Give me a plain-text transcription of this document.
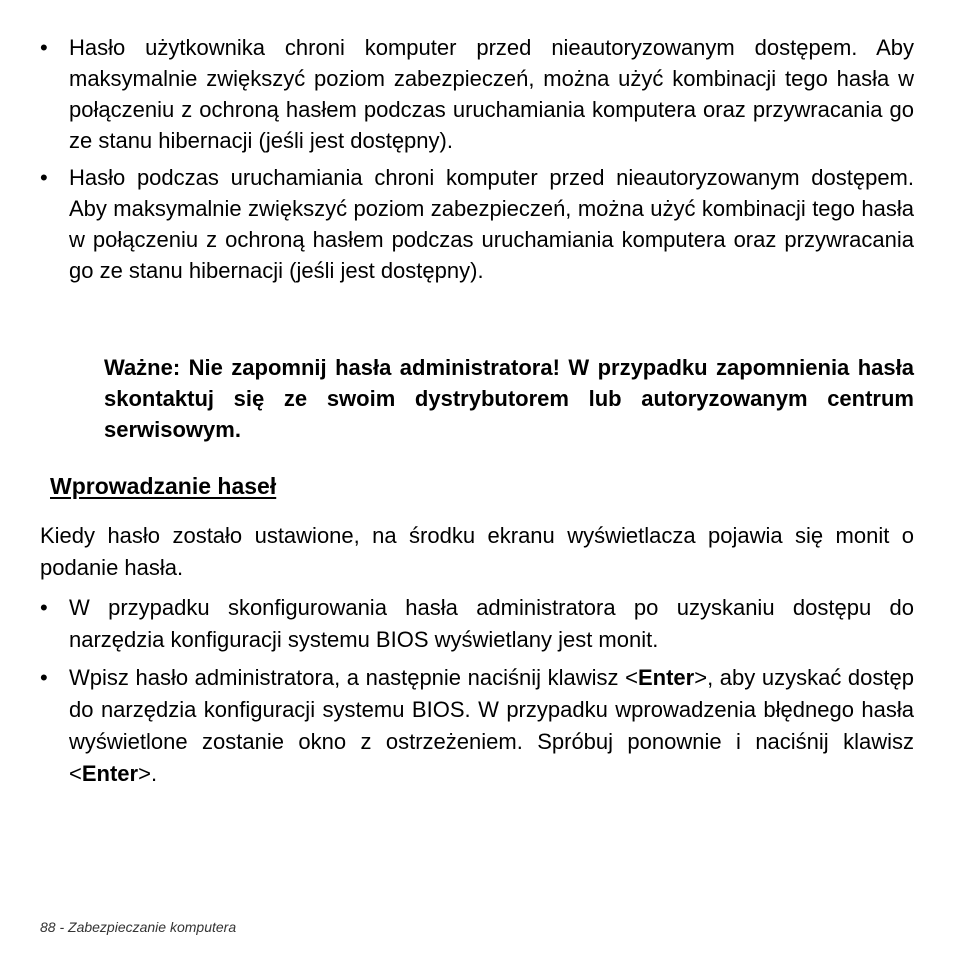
• Hasło użytkownika chroni komputer przed nieautoryzowanym dostępem. Aby maksymalnie zwiększyć poziom zabezpieczeń, można użyć kombinacji tego hasła w połączeniu z ochroną hasłem podczas uruchamiania komputera oraz przywracania go ze stanu hibernacji (jeśli jest dostępny).
• Hasło podczas uruchamiania chroni komputer przed nieautoryzowanym dostępem. Aby maksymalnie zwiększyć poziom zabezpieczeń, można użyć kombinacji tego hasła w połączeniu z ochroną hasłem podczas uruchamiania komputera oraz przywracania go ze stanu hibernacji (jeśli jest dostępny).

Ważne: Nie zapomnij hasła administratora! W przypadku zapomnienia hasła skontaktuj się ze swoim dystrybutorem lub autoryzowanym centrum serwisowym.

Wprowadzanie haseł

Kiedy hasło zostało ustawione, na środku ekranu wyświetlacza pojawia się monit o podanie hasła.

• W przypadku skonfigurowania hasła administratora po uzyskaniu dostępu do narzędzia konfiguracji systemu BIOS wyświetlany jest monit.
• Wpisz hasło administratora, a następnie naciśnij klawisz <Enter>, aby uzyskać dostęp do narzędzia konfiguracji systemu BIOS. W przypadku wprowadzenia błędnego hasła wyświetlone zostanie okno z ostrzeżeniem. Spróbuj ponownie i naciśnij klawisz <Enter>.

88 - Zabezpieczanie komputera
